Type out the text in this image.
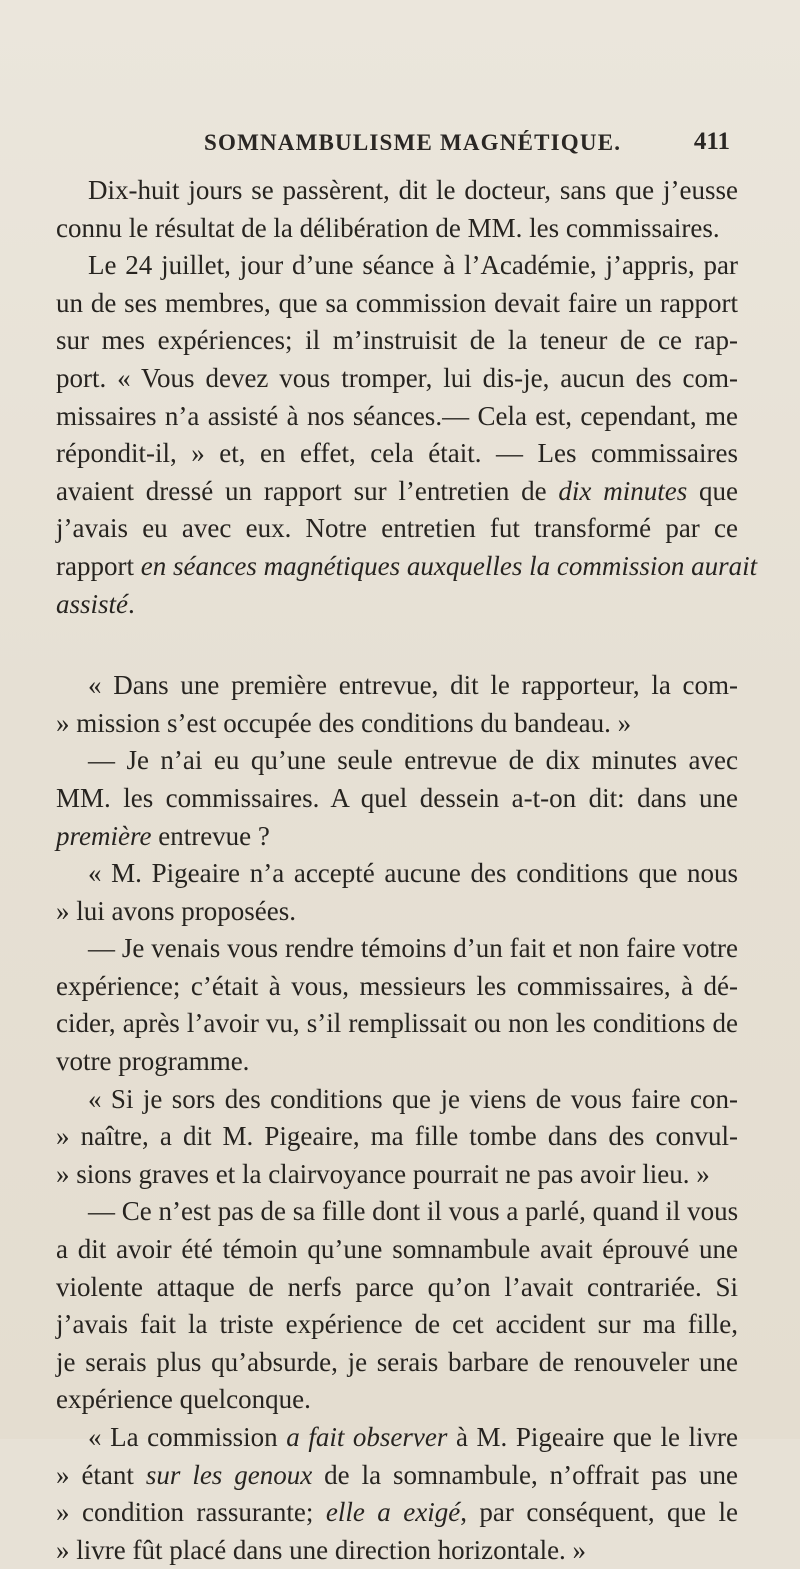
SOMNAMBULISME MAGNÉTIQUE.	411
Dix-huit jours se passèrent, dit le docteur, sans que j’eusse
connu le résultat de la délibération de MM. les commissaires.
Le 24 juillet, jour d’une séance à l’Académie, j’appris, par
un de ses membres, que sa commission devait faire un rapport
sur mes expériences; il m’instruisit de la teneur de ce rap-
port. « Vous devez vous tromper, lui dis-je, aucun des com-
missaires n’a assisté à nos séances.— Cela est, cependant, me
répondit-il, » et, en effet, cela était. — Les commissaires
avaient dressé un rapport sur l’entretien de dix minutes que
j’avais eu avec eux. Notre entretien fut transformé par ce
rapport en séances magnétiques auxquelles la commission aurait
assisté.
« Dans une première entrevue, dit le rapporteur, la com-
» mission s’est occupée des conditions du bandeau. »
— Je n’ai eu qu’une seule entrevue de dix minutes avec
MM. les commissaires. A quel dessein a-t-on dit: dans une
première entrevue ?
« M. Pigeaire n’a accepté aucune des conditions que nous
» lui avons proposées.
— Je venais vous rendre témoins d’un fait et non faire votre
expérience; c’était à vous, messieurs les commissaires, à dé-
cider, après l’avoir vu, s’il remplissait ou non les conditions de
votre programme.
« Si je sors des conditions que je viens de vous faire con-
» naître, a dit M. Pigeaire, ma fille tombe dans des convul-
» sions graves et la clairvoyance pourrait ne pas avoir lieu. »
— Ce n’est pas de sa fille dont il vous a parlé, quand il vous
a dit avoir été témoin qu’une somnambule avait éprouvé une
violente attaque de nerfs parce qu’on l’avait contrariée. Si
j’avais fait la triste expérience de cet accident sur ma fille,
je serais plus qu’absurde, je serais barbare de renouveler une
expérience quelconque.
« La commission a fait observer à M. Pigeaire que le livre
» étant sur les genoux de la somnambule, n’offrait pas une
» condition rassurante; elle a exigé, par conséquent, que le
» livre fût placé dans une direction horizontale. »
